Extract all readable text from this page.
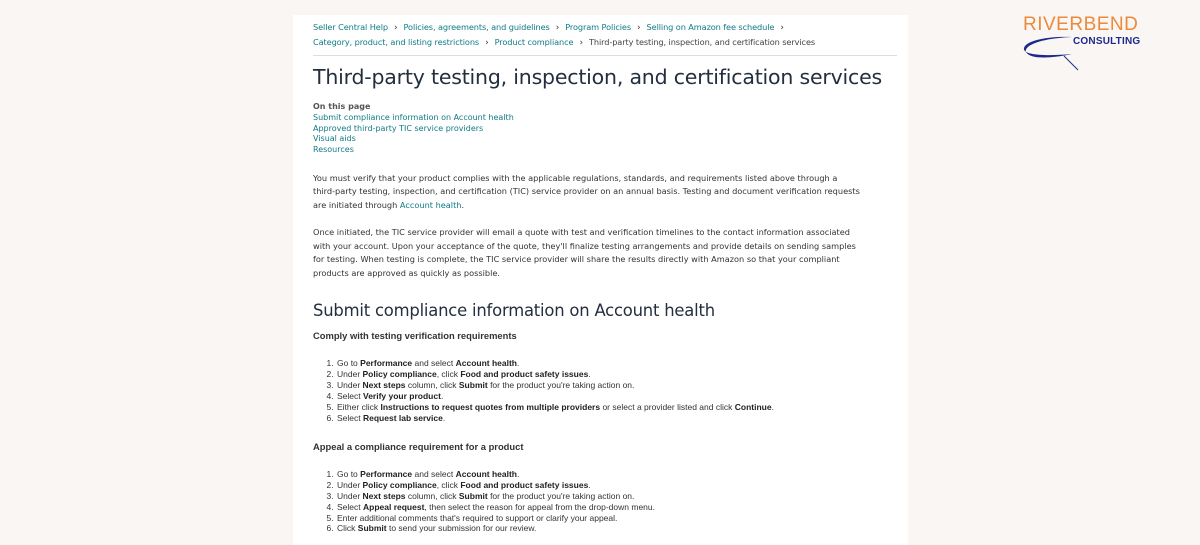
RIVERBEND
CONSULTING
Seller Central Help › Policies, agreements, and guidelines › Program Policies › Selling on Amazon fee schedule ›
Category, product, and listing restrictions › Product compliance › Third-party testing, inspection, and certification services
Third-party testing, inspection, and certification services
On this page
Submit compliance information on Account health
Approved third-party TIC service providers
Visual aids
Resources

You must verify that your product complies with the applicable regulations, standards, and requirements listed above through a third-party testing, inspection, and certification (TIC) service provider on an annual basis. Testing and document verification requests are initiated through Account health.

Once initiated, the TIC service provider will email a quote with test and verification timelines to the contact information associated with your account. Upon your acceptance of the quote, they'll finalize testing arrangements and provide details on sending samples for testing. When testing is complete, the TIC service provider will share the results directly with Amazon so that your compliant products are approved as quickly as possible.

Submit compliance information on Account health
Comply with testing verification requirements
1. Go to Performance and select Account health.
2. Under Policy compliance, click Food and product safety issues.
3. Under Next steps column, click Submit for the product you're taking action on.
4. Select Verify your product.
5. Either click Instructions to request quotes from multiple providers or select a provider listed and click Continue.
6. Select Request lab service.
Appeal a compliance requirement for a product
1. Go to Performance and select Account health.
2. Under Policy compliance, click Food and product safety issues.
3. Under Next steps column, click Submit for the product you're taking action on.
4. Select Appeal request, then select the reason for appeal from the drop-down menu.
5. Enter additional comments that's required to support or clarify your appeal.
6. Click Submit to send your submission for our review.
